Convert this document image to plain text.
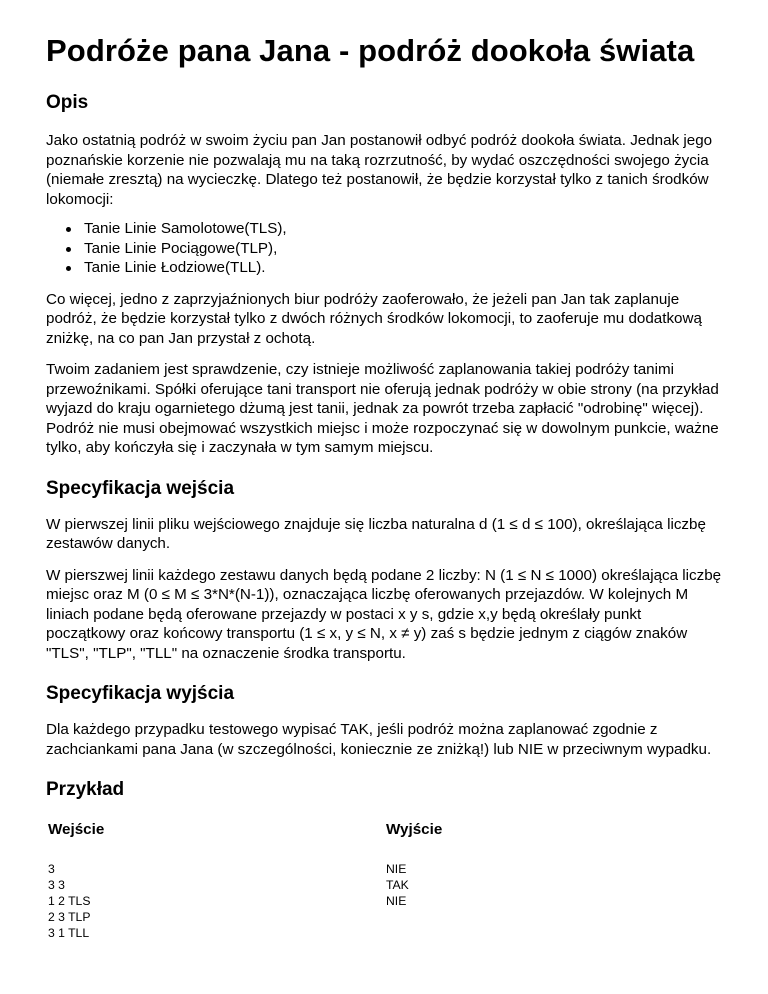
Podróże pana Jana - podróż dookoła świata
Opis

Jako ostatnią podróż w swoim życiu pan Jan postanowił odbyć podróż dookoła świata. Jednak jego poznańskie korzenie nie pozwalają mu na taką rozrzutność, by wydać oszczędności swojego życia (niemałe zresztą) na wycieczkę. Dlatego też postanowił, że będzie korzystał tylko z tanich środków lokomocji:

Tanie Linie Samolotowe(TLS),
Tanie Linie Pociągowe(TLP),
Tanie Linie Łodziowe(TLL).

Co więcej, jedno z zaprzyjaźnionych biur podróży zaoferowało, że jeżeli pan Jan tak zaplanuje podróż, że będzie korzystał tylko z dwóch różnych środków lokomocji, to zaoferuje mu dodatkową zniżkę, na co pan Jan przystał z ochotą.

Twoim zadaniem jest sprawdzenie, czy istnieje możliwość zaplanowania takiej podróży tanimi przewoźnikami. Spółki oferujące tani transport nie oferują jednak podróży w obie strony (na przykład wyjazd do kraju ogarnietego dżumą jest tanii, jednak za powrót trzeba zapłacić "odrobinę" więcej). Podróż nie musi obejmować wszystkich miejsc i może rozpoczynać się w dowolnym punkcie, ważne tylko, aby kończyła się i zaczynała w tym samym miejscu.

Specyfikacja wejścia

W pierwszej linii pliku wejściowego znajduje się liczba naturalna d (1 ≤ d ≤ 100), określająca liczbę zestawów danych.

W pierszwej linii każdego zestawu danych będą podane 2 liczby: N (1 ≤ N ≤ 1000) określająca liczbę miejsc oraz M (0 ≤ M ≤ 3*N*(N-1)), oznaczająca liczbę oferowanych przejazdów. W kolejnych M liniach podane będą oferowane przejazdy w postaci x y s, gdzie x,y będą określały punkt początkowy oraz końcowy transportu (1 ≤ x, y ≤ N, x ≠ y) zaś s będzie jednym z ciągów znaków "TLS", "TLP", "TLL" na oznaczenie środka transportu.

Specyfikacja wyjścia

Dla każdego przypadku testowego wypisać TAK, jeśli podróż można zaplanować zgodnie z zachciankami pana Jana (w szczególności, koniecznie ze zniżką!) lub NIE w przeciwnym wypadku.

Przykład
Wejście
3
3 3
1 2 TLS
2 3 TLP
3 1 TLL
Wyjście
NIE
TAK
NIE
